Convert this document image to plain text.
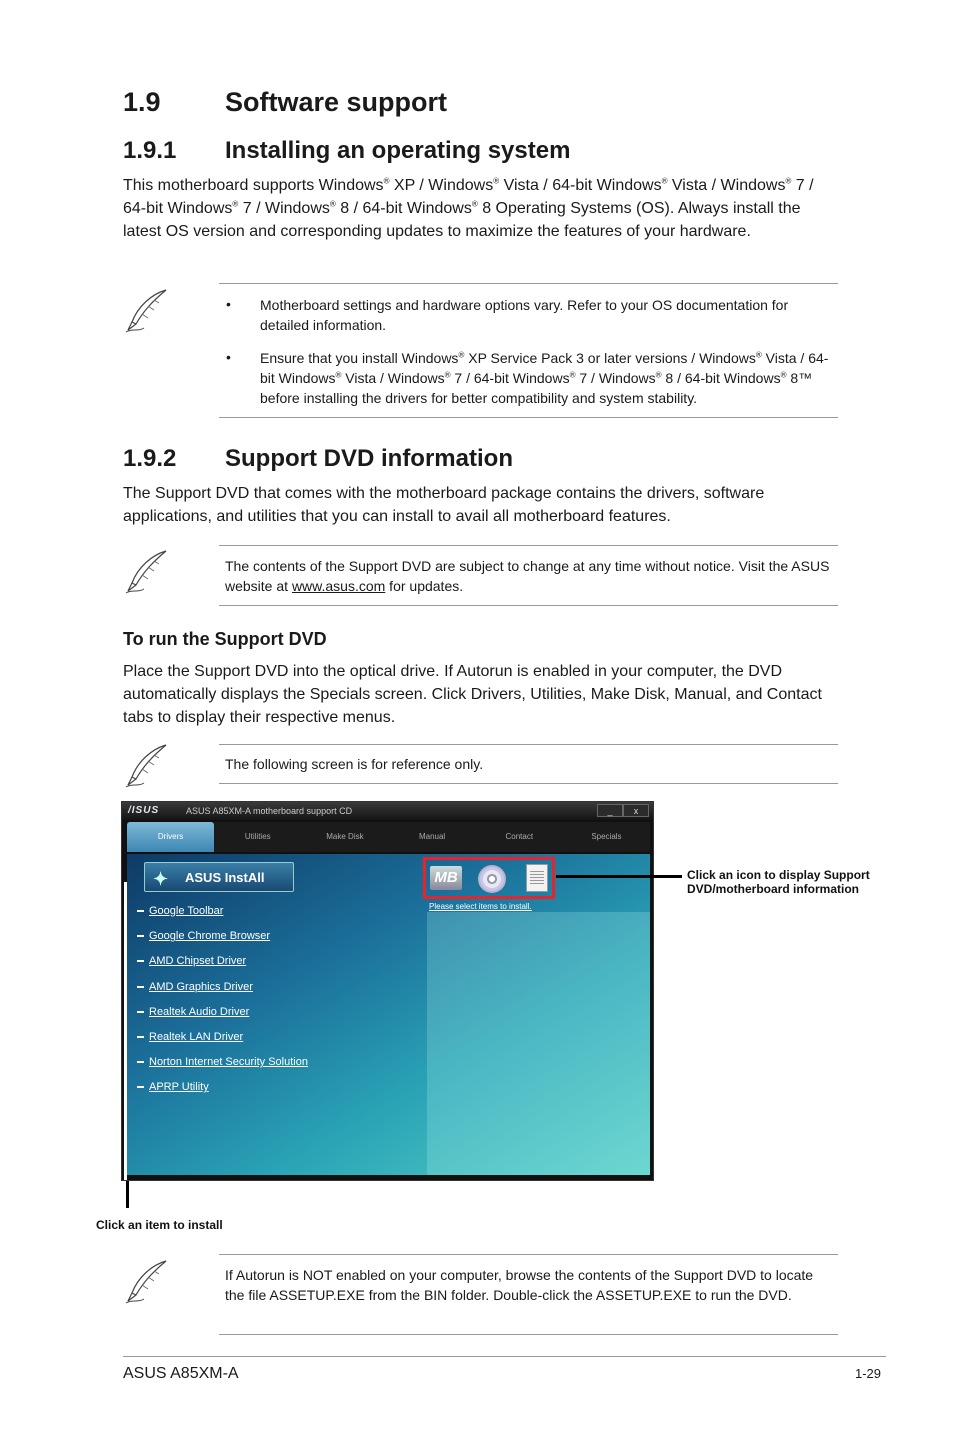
1.9 Software support
1.9.1 Installing an operating system

This motherboard supports Windows® XP / Windows® Vista / 64-bit Windows® Vista / Windows® 7 / 64-bit Windows® 7 / Windows® 8 / 64-bit Windows® 8 Operating Systems (OS). Always install the latest OS version and corresponding updates to maximize the features of your hardware.

• Motherboard settings and hardware options vary. Refer to your OS documentation for detailed information.
• Ensure that you install Windows® XP Service Pack 3 or later versions / Windows® Vista / 64-bit Windows® Vista / Windows® 7 / 64-bit Windows® 7 / Windows® 8 / 64-bit Windows® 8™ before installing the drivers for better compatibility and system stability.
1.9.2 Support DVD information

The Support DVD that comes with the motherboard package contains the drivers, software applications, and utilities that you can install to avail all motherboard features.

The contents of the Support DVD are subject to change at any time without notice. Visit the ASUS website at www.asus.com for updates.
To run the Support DVD

Place the Support DVD into the optical drive. If Autorun is enabled in your computer, the DVD automatically displays the Specials screen. Click Drivers, Utilities, Make Disk, Manual, and Contact tabs to display their respective menus.

The following screen is for reference only.
/ISUS	ASUS A85XM-A motherboard support CD	_	x
Drivers	Utilities	Make Disk	Manual	Contact	Specials
✦ ASUS InstAll
Google Toolbar
Google Chrome Browser
AMD Chipset Driver
AMD Graphics Driver
Realtek Audio Driver
Realtek LAN Driver
Norton Internet Security Solution
APRP Utility
MB
Please select items to install.
Click an icon to display Support DVD/motherboard information
Click an item to install
If Autorun is NOT enabled on your computer, browse the contents of the Support DVD to locate the file ASSETUP.EXE from the BIN folder. Double-click the ASSETUP.EXE to run the DVD.
ASUS A85XM-A	1-29
